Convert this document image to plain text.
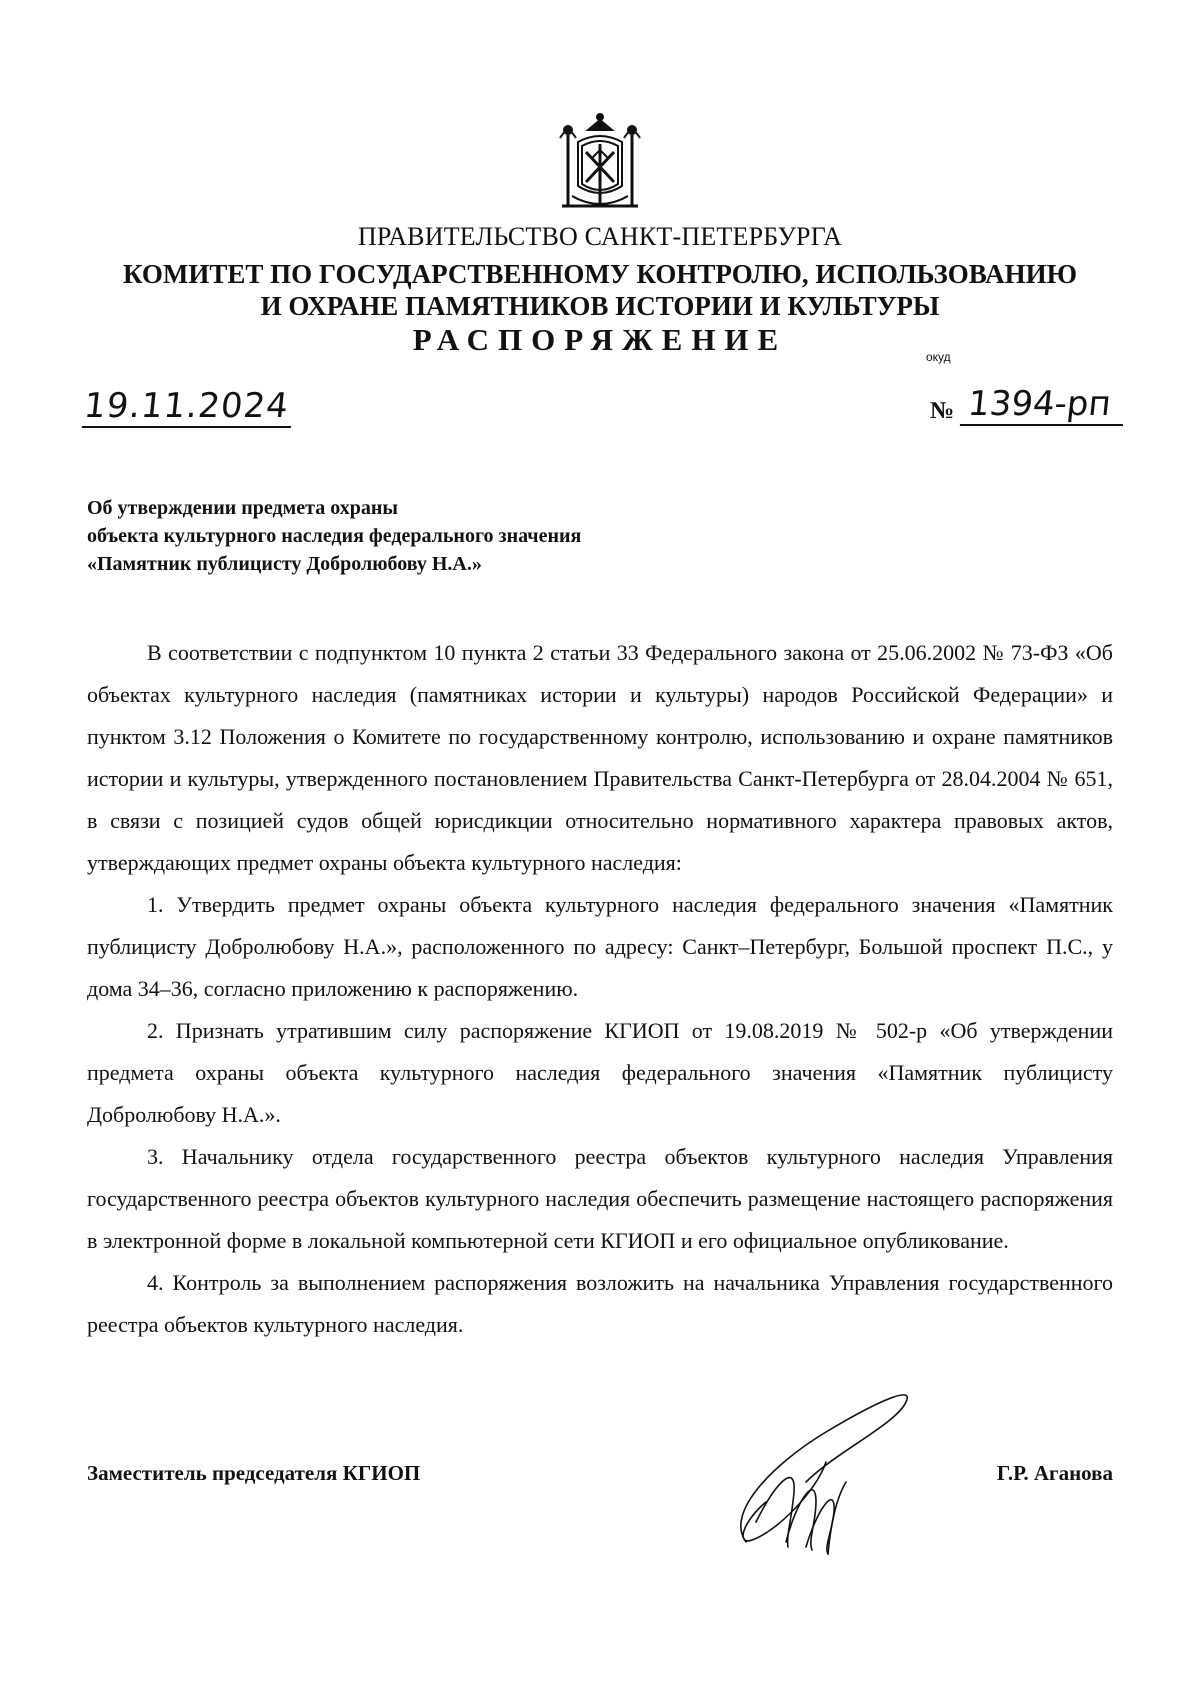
ПРАВИТЕЛЬСТВО САНКТ-ПЕТЕРБУРГА
КОМИТЕТ ПО ГОСУДАРСТВЕННОМУ КОНТРОЛЮ, ИСПОЛЬЗОВАНИЮ
И ОХРАНЕ ПАМЯТНИКОВ ИСТОРИИ И КУЛЬТУРЫ
РАСПОРЯЖЕНИЕ	окуд
19.11.2024	№ 1394-рп
Об утверждении предмета охраны
объекта культурного наследия федерального значения
«Памятник публицисту Добролюбову Н.А.»

В соответствии с подпунктом 10 пункта 2 статьи 33 Федерального закона от 25.06.2002 № 73-ФЗ «Об объектах культурного наследия (памятниках истории и культуры) народов Российской Федерации» и пунктом 3.12 Положения о Комитете по государственному контролю, использованию и охране памятников истории и культуры, утвержденного постановлением Правительства Санкт-Петербурга от 28.04.2004 № 651, в связи с позицией судов общей юрисдикции относительно нормативного характера правовых актов, утверждающих предмет охраны объекта культурного наследия:

1. Утвердить предмет охраны объекта культурного наследия федерального значения «Памятник публицисту Добролюбову Н.А.», расположенного по адресу: Санкт–Петербург, Большой проспект П.С., у дома 34–36, согласно приложению к распоряжению.

2. Признать утратившим силу распоряжение КГИОП от 19.08.2019 № 502-р «Об утверждении предмета охраны объекта культурного наследия федерального значения «Памятник публицисту Добролюбову Н.А.».

3. Начальнику отдела государственного реестра объектов культурного наследия Управления государственного реестра объектов культурного наследия обеспечить размещение настоящего распоряжения в электронной форме в локальной компьютерной сети КГИОП и его официальное опубликование.

4. Контроль за выполнением распоряжения возложить на начальника Управления государственного реестра объектов культурного наследия.

Заместитель председателя КГИОП	Г.Р. Аганова
